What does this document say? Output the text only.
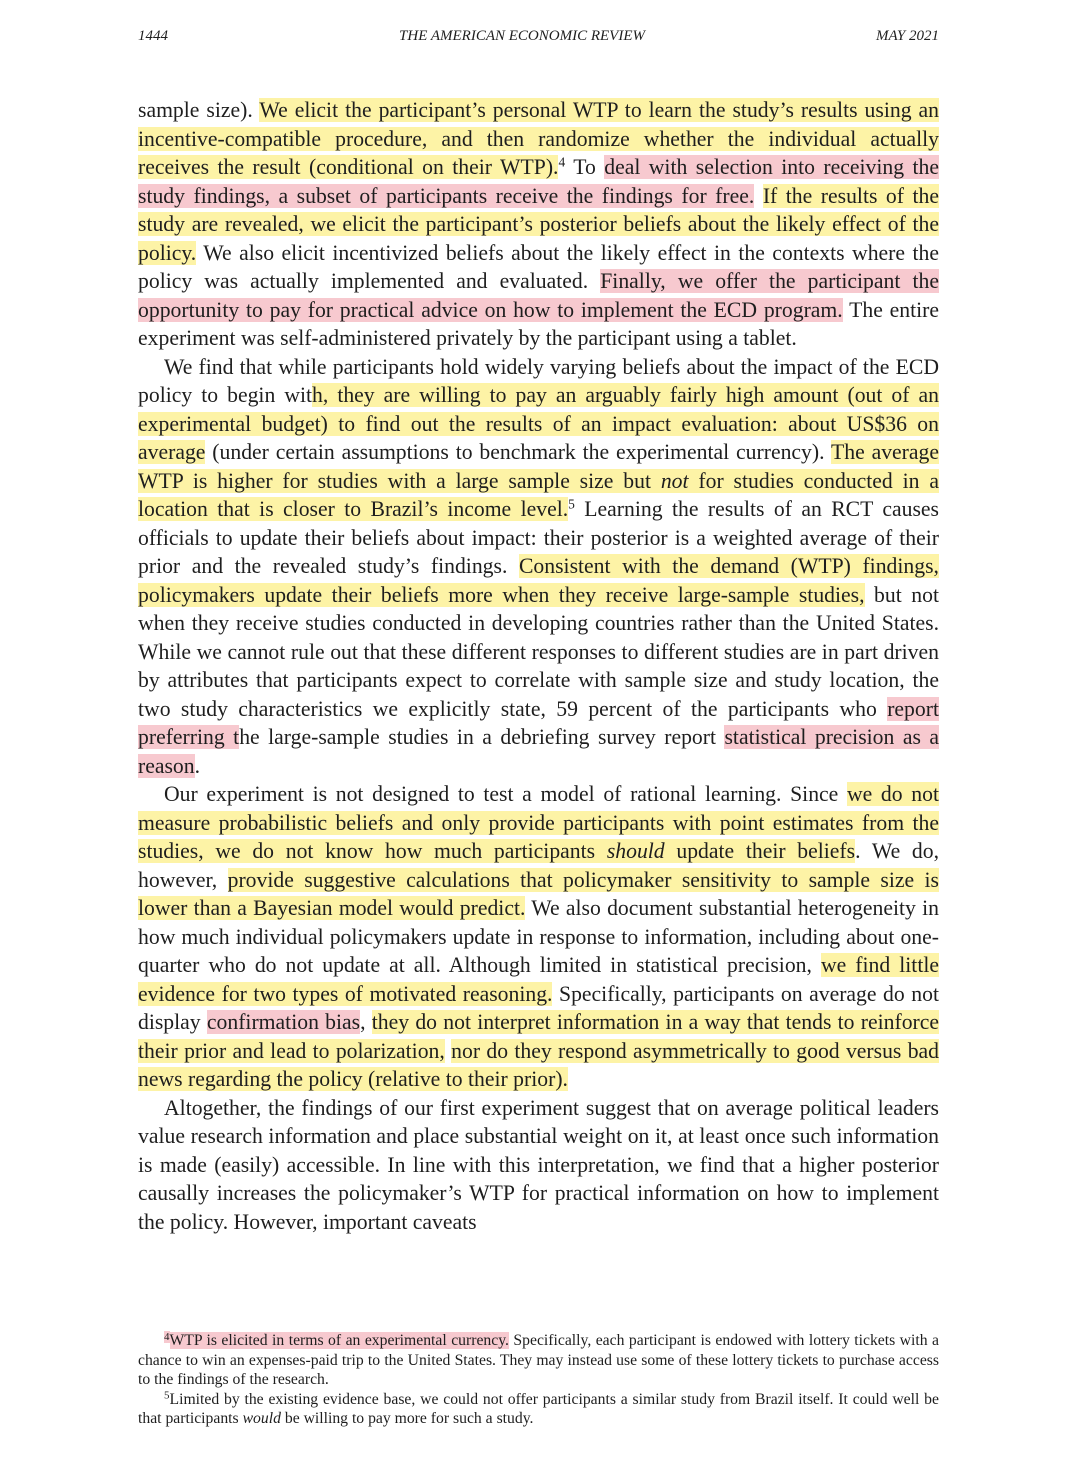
1444	THE AMERICAN ECONOMIC REVIEW	MAY 2021

sample size). We elicit the participant’s personal WTP to learn the study’s results using an incentive-compatible procedure, and then randomize whether the individual actually receives the result (conditional on their WTP).$^4$ To deal with selection into receiving the study findings, a subset of participants receive the findings for free. If the results of the study are revealed, we elicit the participant’s posterior beliefs about the likely effect of the policy. We also elicit incentivized beliefs about the likely effect in the contexts where the policy was actually implemented and evaluated. Finally, we offer the participant the opportunity to pay for practical advice on how to implement the ECD program. The entire experiment was self-administered privately by the participant using a tablet.

We find that while participants hold widely varying beliefs about the impact of the ECD policy to begin with, they are willing to pay an arguably fairly high amount (out of an experimental budget) to find out the results of an impact evaluation: about US$36 on average (under certain assumptions to benchmark the experimental currency). The average WTP is higher for studies with a large sample size but not for studies conducted in a location that is closer to Brazil’s income level.$^5$ Learning the results of an RCT causes officials to update their beliefs about impact: their posterior is a weighted average of their prior and the revealed study’s findings. Consistent with the demand (WTP) findings, policymakers update their beliefs more when they receive large-sample studies, but not when they receive studies conducted in developing countries rather than the United States. While we cannot rule out that these different responses to different studies are in part driven by attributes that participants expect to correlate with sample size and study location, the two study characteristics we explicitly state, 59 percent of the participants who report preferring the large-sample studies in a debriefing survey report statistical precision as a reason.

Our experiment is not designed to test a model of rational learning. Since we do not measure probabilistic beliefs and only provide participants with point estimates from the studies, we do not know how much participants should update their beliefs. We do, however, provide suggestive calculations that policymaker sensitivity to sample size is lower than a Bayesian model would predict. We also document substantial heterogeneity in how much individual policymakers update in response to information, including about one-quarter who do not update at all. Although limited in statistical precision, we find little evidence for two types of motivated reasoning. Specifically, participants on average do not display confirmation bias, they do not interpret information in a way that tends to reinforce their prior and lead to polarization, nor do they respond asymmetrically to good versus bad news regarding the policy (relative to their prior).

Altogether, the findings of our first experiment suggest that on average political leaders value research information and place substantial weight on it, at least once such information is made (easily) accessible. In line with this interpretation, we find that a higher posterior causally increases the policymaker’s WTP for practical information on how to implement the policy. However, important caveats

$^4$WTP is elicited in terms of an experimental currency. Specifically, each participant is endowed with lottery tickets with a chance to win an expenses-paid trip to the United States. They may instead use some of these lottery tickets to purchase access to the findings of the research.

$^5$Limited by the existing evidence base, we could not offer participants a similar study from Brazil itself. It could well be that participants would be willing to pay more for such a study.
